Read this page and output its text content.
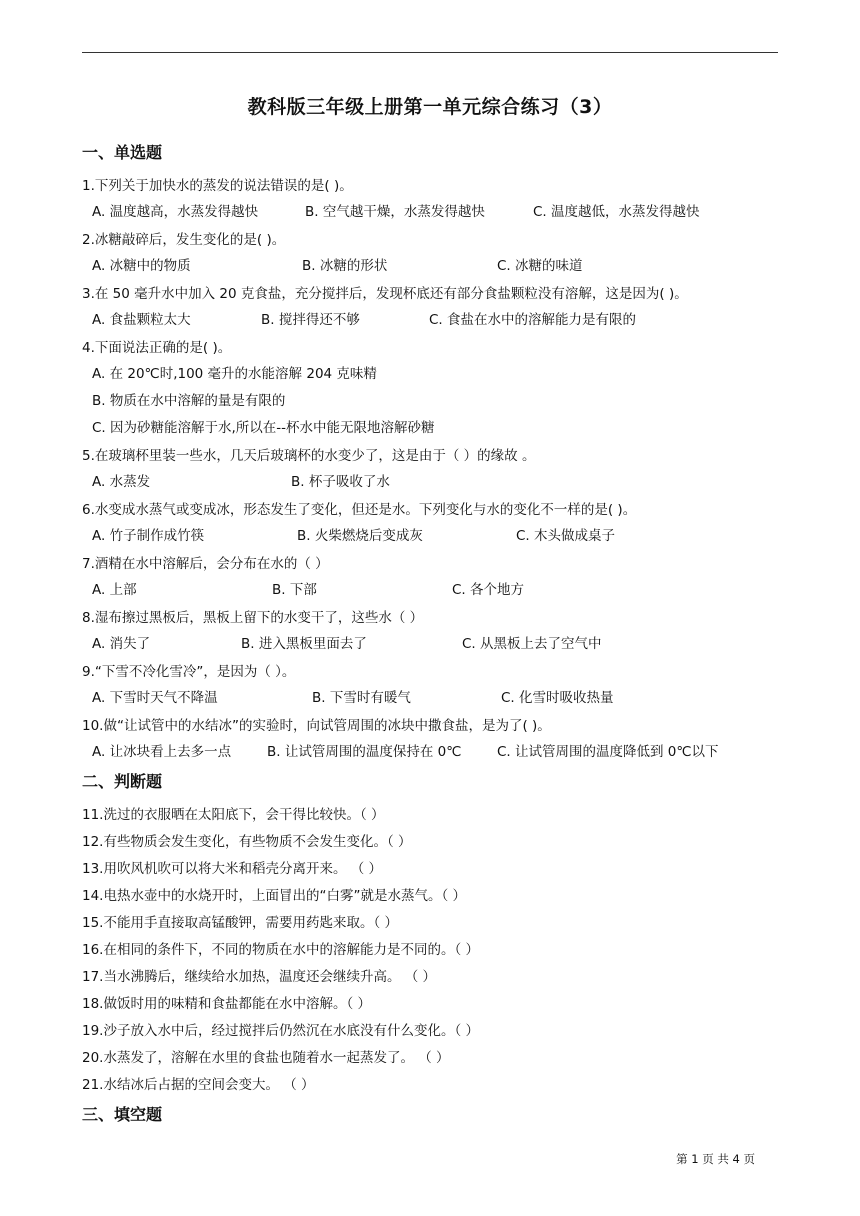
教科版三年级上册第一单元综合练习（3）
一、单选题
1.下列关于加快水的蒸发的说法错误的是( )。
A. 温度越高，水蒸发得越快	B. 空气越干燥，水蒸发得越快	C. 温度越低，水蒸发得越快
2.冰糖敲碎后，发生变化的是( )。
A. 冰糖中的物质	B. 冰糖的形状	C. 冰糖的味道
3.在 50 毫升水中加入 20 克食盐，充分搅拌后，发现杯底还有部分食盐颗粒没有溶解，这是因为( )。
A. 食盐颗粒太大	B. 搅拌得还不够	C. 食盐在水中的溶解能力是有限的
4.下面说法正确的是( )。
A. 在 20℃时,100 毫升的水能溶解 204 克味精
B. 物质在水中溶解的量是有限的
C. 因为砂糖能溶解于水,所以在--杯水中能无限地溶解砂糖
5.在玻璃杯里装一些水，几天后玻璃杯的水变少了，这是由于（ ）的缘故 。
A. 水蒸发	B. 杯子吸收了水
6.水变成水蒸气或变成冰，形态发生了变化，但还是水。下列变化与水的变化不一样的是( )。
A. 竹子制作成竹筷	B. 火柴燃烧后变成灰	C. 木头做成桌子
7.酒精在水中溶解后，会分布在水的（ ）
A. 上部	B. 下部	C. 各个地方
8.湿布擦过黑板后，黑板上留下的水变干了，这些水（ ）
A. 消失了	B. 进入黑板里面去了	C. 从黑板上去了空气中
9.“下雪不冷化雪冷”，是因为（ ）。
A. 下雪时天气不降温	B. 下雪时有暖气	C. 化雪时吸收热量
10.做“让试管中的水结冰”的实验时，向试管周围的冰块中撒食盐，是为了( )。
A. 让冰块看上去多一点	B. 让试管周围的温度保持在 0℃	C. 让试管周围的温度降低到 0℃以下
二、判断题
11.洗过的衣服晒在太阳底下，会干得比较快。（ ）
12.有些物质会发生变化，有些物质不会发生变化。（ ）
13.用吹风机吹可以将大米和稻壳分离开来。 （ ）
14.电热水壶中的水烧开时，上面冒出的“白雾”就是水蒸气。（ ）
15.不能用手直接取高锰酸钾，需要用药匙来取。（ ）
16.在相同的条件下，不同的物质在水中的溶解能力是不同的。（ ）
17.当水沸腾后，继续给水加热，温度还会继续升高。 （ ）
18.做饭时用的味精和食盐都能在水中溶解。（ ）
19.沙子放入水中后，经过搅拌后仍然沉在水底没有什么变化。（ ）
20.水蒸发了，溶解在水里的食盐也随着水一起蒸发了。 （ ）
21.水结冰后占据的空间会变大。 （ ）
三、填空题
第 1 页 共 4 页
